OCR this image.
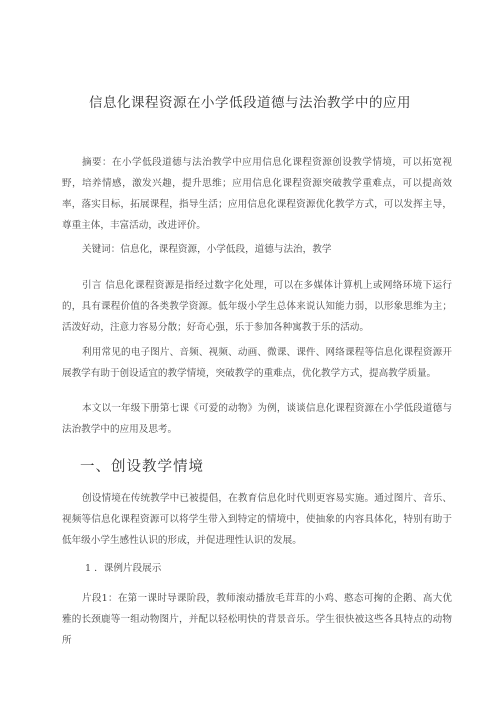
信息化课程资源在小学低段道德与法治教学中的应用

摘要：在小学低段道德与法治教学中应用信息化课程资源创设教学情境，可以拓宽视野，培养情感，激发兴趣，提升思维；应用信息化课程资源突破教学重难点，可以提高效率，落实目标，拓展课程，指导生活；应用信息化课程资源优化教学方式，可以发挥主导，尊重主体，丰富活动，改进评价。

关键词：信息化，课程资源，小学低段，道德与法治，教学

引言 信息化课程资源是指经过数字化处理，可以在多媒体计算机上或网络环境下运行的，具有课程价值的各类教学资源。低年级小学生总体来说认知能力弱，以形象思维为主；活泼好动，注意力容易分散；好奇心强，乐于参加各种寓教于乐的活动。

利用常见的电子图片、音频、视频、动画、微课、课件、网络课程等信息化课程资源开展教学有助于创设适宜的教学情境，突破教学的重难点，优化教学方式，提高教学质量。

本文以一年级下册第七课《可爱的动物》为例，谈谈信息化课程资源在小学低段道德与法治教学中的应用及思考。

一、创设教学情境

创设情境在传统教学中已被提倡，在教育信息化时代则更容易实施。通过图片、音乐、视频等信息化课程资源可以将学生带入到特定的情境中，使抽象的内容具体化，特别有助于低年级小学生感性认识的形成，并促进理性认识的发展。

1 ．课例片段展示

片段1：在第一课时导课阶段，教师滚动播放毛茸茸的小鸡、憨态可掬的企鹅、高大优雅的长颈鹿等一组动物图片，并配以轻松明快的背景音乐。学生很快被这些各具特点的动物所
